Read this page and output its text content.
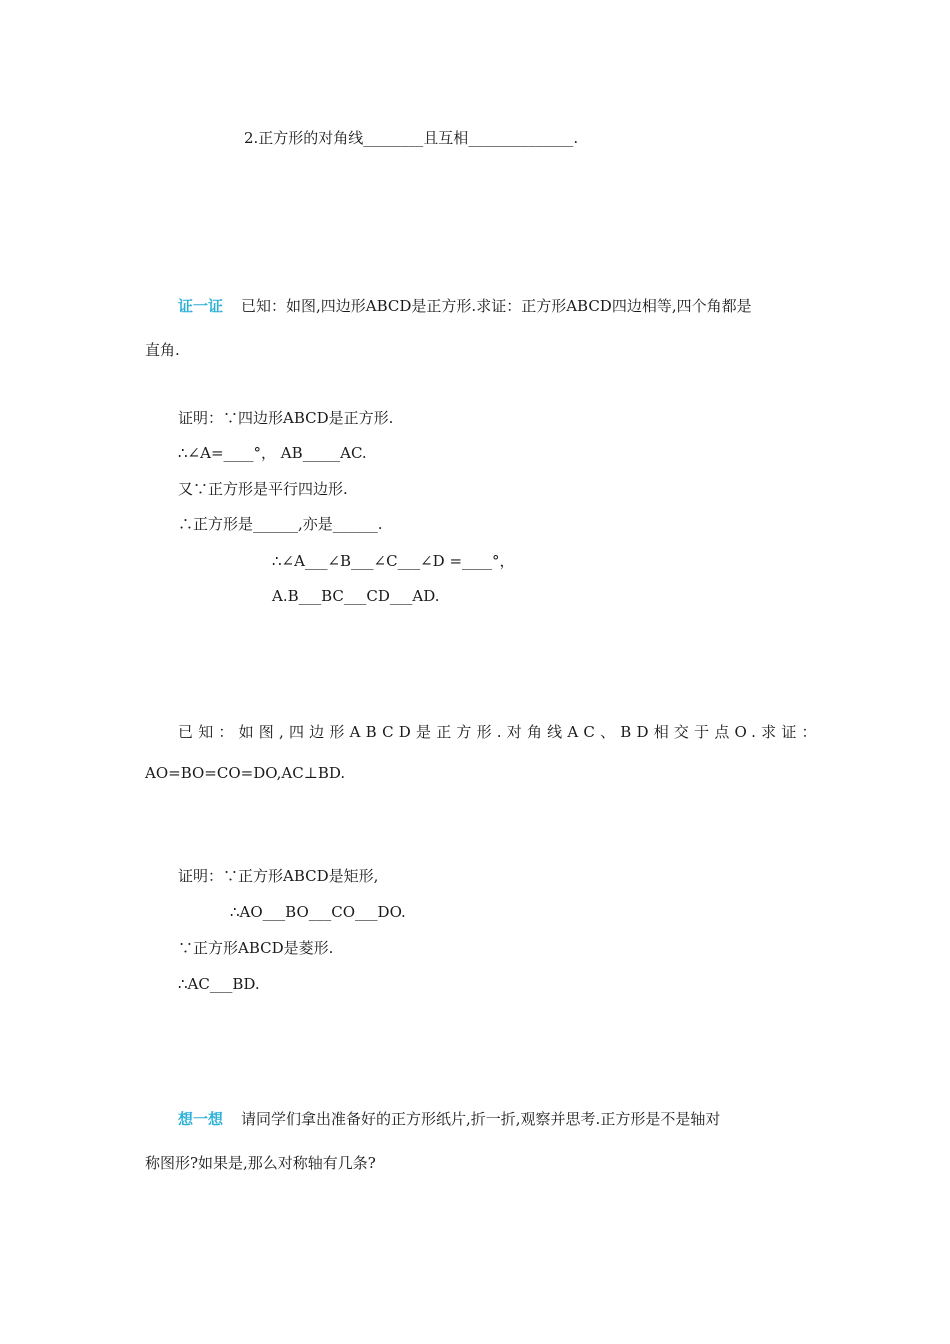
2.正方形的对角线________且互相______________.
证一证 已知：如图,四边形ABCD是正方形.求证：正方形ABCD四边相等,四个角都是
直角.
证明：∵四边形ABCD是正方形.
∴∠A=____°， AB_____AC.
又∵正方形是平行四边形.
∴正方形是______,亦是______.
∴∠A___∠B___∠C___∠D =____°，
A.B___BC___CD___AD.
已知：如图,四边形ABCD是正方形.对角线AC、BD相交于点O.求证：
AO=BO=CO=DO,AC⊥BD.
证明：∵正方形ABCD是矩形,
∴AO___BO___CO___DO.
∵正方形ABCD是菱形.
∴AC___BD.
想一想 请同学们拿出准备好的正方形纸片,折一折,观察并思考.正方形是不是轴对
称图形?如果是,那么对称轴有几条?
